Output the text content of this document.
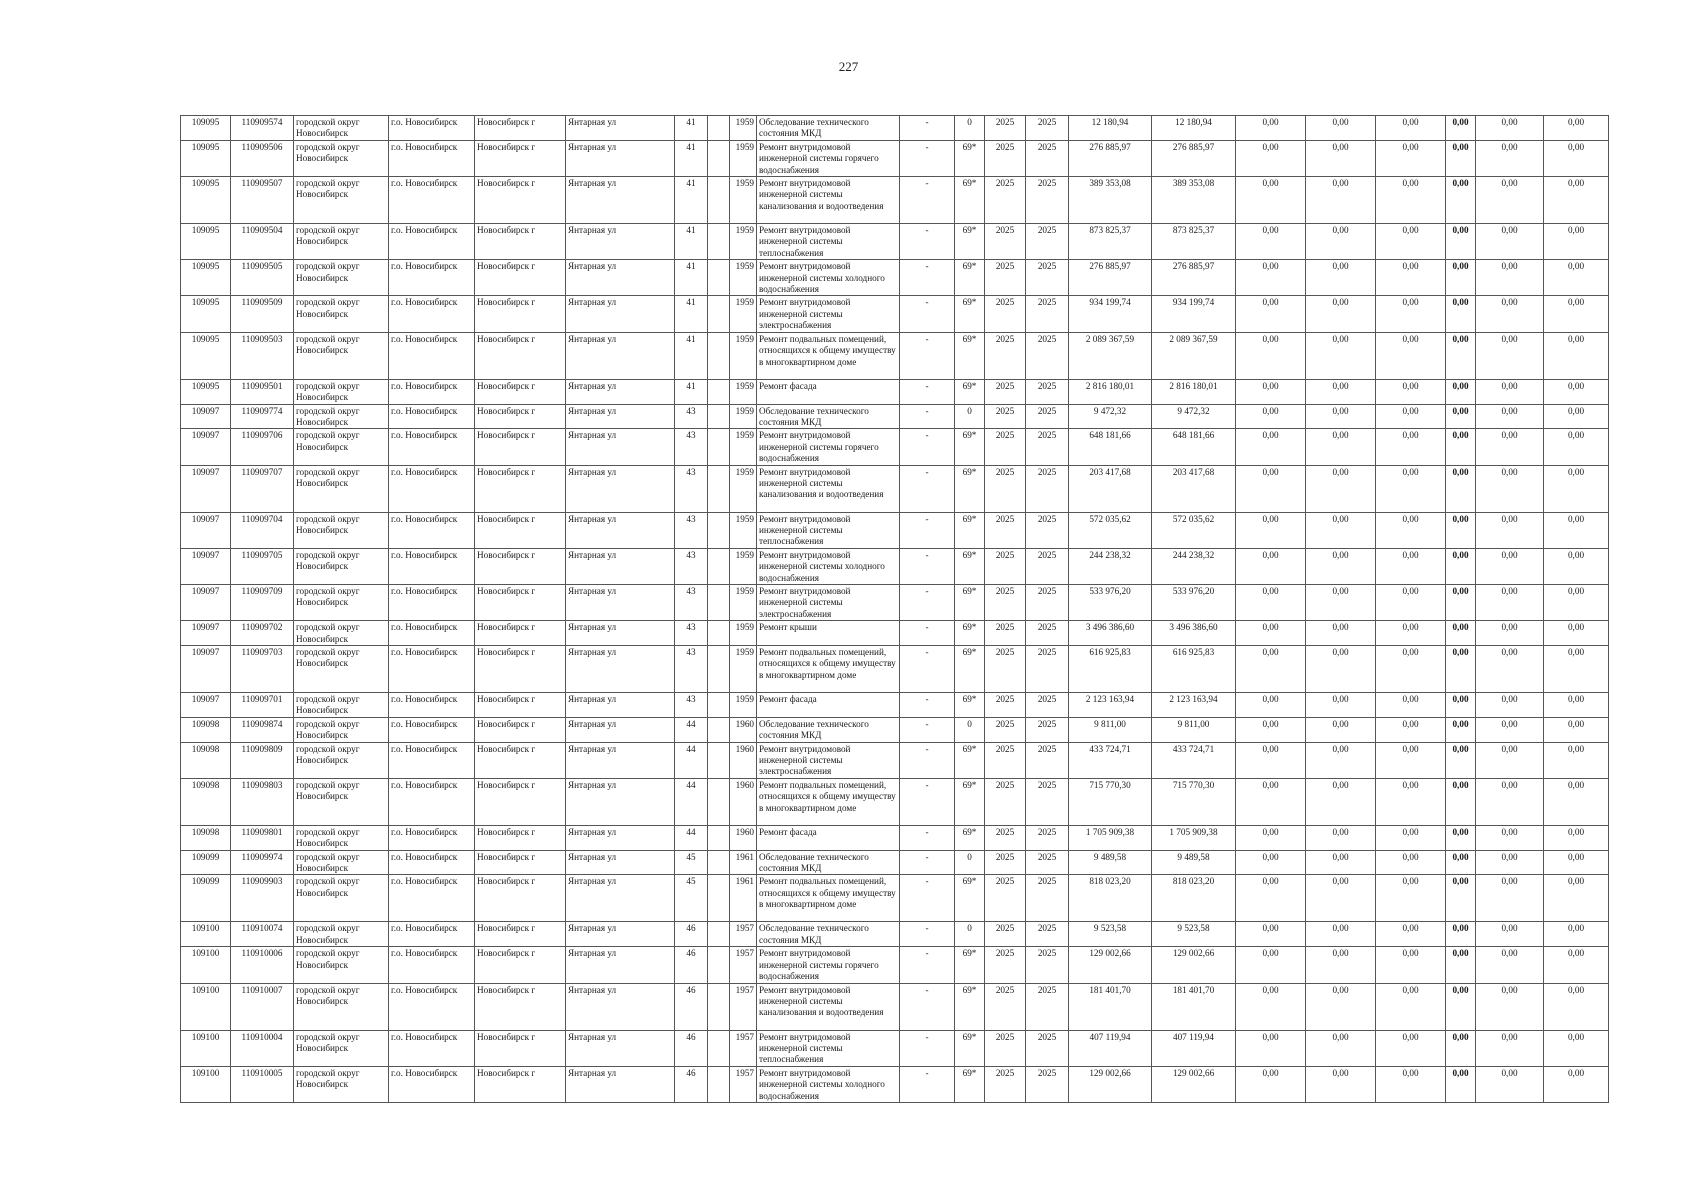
227
109095	110909574	городской округ Новосибирск	г.о. Новосибирск	Новосибирск г	Янтарная ул	41		1959	Обследование технического состояния МКД	-	0	2025	2025	12 180,94	12 180,94	0,00	0,00	0,00	0,00	0,00	0,00
109095	110909506	городской округ Новосибирск	г.о. Новосибирск	Новосибирск г	Янтарная ул	41		1959	Ремонт внутридомовой инженерной системы горячего водоснабжения	-	69*	2025	2025	276 885,97	276 885,97	0,00	0,00	0,00	0,00	0,00	0,00
109095	110909507	городской округ Новосибирск	г.о. Новосибирск	Новосибирск г	Янтарная ул	41		1959	Ремонт внутридомовой инженерной системы канализования и водоотведения	-	69*	2025	2025	389 353,08	389 353,08	0,00	0,00	0,00	0,00	0,00	0,00
109095	110909504	городской округ Новосибирск	г.о. Новосибирск	Новосибирск г	Янтарная ул	41		1959	Ремонт внутридомовой инженерной системы теплоснабжения	-	69*	2025	2025	873 825,37	873 825,37	0,00	0,00	0,00	0,00	0,00	0,00
109095	110909505	городской округ Новосибирск	г.о. Новосибирск	Новосибирск г	Янтарная ул	41		1959	Ремонт внутридомовой инженерной системы холодного водоснабжения	-	69*	2025	2025	276 885,97	276 885,97	0,00	0,00	0,00	0,00	0,00	0,00
109095	110909509	городской округ Новосибирск	г.о. Новосибирск	Новосибирск г	Янтарная ул	41		1959	Ремонт внутридомовой инженерной системы электроснабжения	-	69*	2025	2025	934 199,74	934 199,74	0,00	0,00	0,00	0,00	0,00	0,00
109095	110909503	городской округ Новосибирск	г.о. Новосибирск	Новосибирск г	Янтарная ул	41		1959	Ремонт подвальных помещений, относящихся к общему имуществу в многоквартирном доме	-	69*	2025	2025	2 089 367,59	2 089 367,59	0,00	0,00	0,00	0,00	0,00	0,00
109095	110909501	городской округ Новосибирск	г.о. Новосибирск	Новосибирск г	Янтарная ул	41		1959	Ремонт фасада	-	69*	2025	2025	2 816 180,01	2 816 180,01	0,00	0,00	0,00	0,00	0,00	0,00
109097	110909774	городской округ Новосибирск	г.о. Новосибирск	Новосибирск г	Янтарная ул	43		1959	Обследование технического состояния МКД	-	0	2025	2025	9 472,32	9 472,32	0,00	0,00	0,00	0,00	0,00	0,00
109097	110909706	городской округ Новосибирск	г.о. Новосибирск	Новосибирск г	Янтарная ул	43		1959	Ремонт внутридомовой инженерной системы горячего водоснабжения	-	69*	2025	2025	648 181,66	648 181,66	0,00	0,00	0,00	0,00	0,00	0,00
109097	110909707	городской округ Новосибирск	г.о. Новосибирск	Новосибирск г	Янтарная ул	43		1959	Ремонт внутридомовой инженерной системы канализования и водоотведения	-	69*	2025	2025	203 417,68	203 417,68	0,00	0,00	0,00	0,00	0,00	0,00
109097	110909704	городской округ Новосибирск	г.о. Новосибирск	Новосибирск г	Янтарная ул	43		1959	Ремонт внутридомовой инженерной системы теплоснабжения	-	69*	2025	2025	572 035,62	572 035,62	0,00	0,00	0,00	0,00	0,00	0,00
109097	110909705	городской округ Новосибирск	г.о. Новосибирск	Новосибирск г	Янтарная ул	43		1959	Ремонт внутридомовой инженерной системы холодного водоснабжения	-	69*	2025	2025	244 238,32	244 238,32	0,00	0,00	0,00	0,00	0,00	0,00
109097	110909709	городской округ Новосибирск	г.о. Новосибирск	Новосибирск г	Янтарная ул	43		1959	Ремонт внутридомовой инженерной системы электроснабжения	-	69*	2025	2025	533 976,20	533 976,20	0,00	0,00	0,00	0,00	0,00	0,00
109097	110909702	городской округ Новосибирск	г.о. Новосибирск	Новосибирск г	Янтарная ул	43		1959	Ремонт крыши	-	69*	2025	2025	3 496 386,60	3 496 386,60	0,00	0,00	0,00	0,00	0,00	0,00
109097	110909703	городской округ Новосибирск	г.о. Новосибирск	Новосибирск г	Янтарная ул	43		1959	Ремонт подвальных помещений, относящихся к общему имуществу в многоквартирном доме	-	69*	2025	2025	616 925,83	616 925,83	0,00	0,00	0,00	0,00	0,00	0,00
109097	110909701	городской округ Новосибирск	г.о. Новосибирск	Новосибирск г	Янтарная ул	43		1959	Ремонт фасада	-	69*	2025	2025	2 123 163,94	2 123 163,94	0,00	0,00	0,00	0,00	0,00	0,00
109098	110909874	городской округ Новосибирск	г.о. Новосибирск	Новосибирск г	Янтарная ул	44		1960	Обследование технического состояния МКД	-	0	2025	2025	9 811,00	9 811,00	0,00	0,00	0,00	0,00	0,00	0,00
109098	110909809	городской округ Новосибирск	г.о. Новосибирск	Новосибирск г	Янтарная ул	44		1960	Ремонт внутридомовой инженерной системы электроснабжения	-	69*	2025	2025	433 724,71	433 724,71	0,00	0,00	0,00	0,00	0,00	0,00
109098	110909803	городской округ Новосибирск	г.о. Новосибирск	Новосибирск г	Янтарная ул	44		1960	Ремонт подвальных помещений, относящихся к общему имуществу в многоквартирном доме	-	69*	2025	2025	715 770,30	715 770,30	0,00	0,00	0,00	0,00	0,00	0,00
109098	110909801	городской округ Новосибирск	г.о. Новосибирск	Новосибирск г	Янтарная ул	44		1960	Ремонт фасада	-	69*	2025	2025	1 705 909,38	1 705 909,38	0,00	0,00	0,00	0,00	0,00	0,00
109099	110909974	городской округ Новосибирск	г.о. Новосибирск	Новосибирск г	Янтарная ул	45		1961	Обследование технического состояния МКД	-	0	2025	2025	9 489,58	9 489,58	0,00	0,00	0,00	0,00	0,00	0,00
109099	110909903	городской округ Новосибирск	г.о. Новосибирск	Новосибирск г	Янтарная ул	45		1961	Ремонт подвальных помещений, относящихся к общему имуществу в многоквартирном доме	-	69*	2025	2025	818 023,20	818 023,20	0,00	0,00	0,00	0,00	0,00	0,00
109100	110910074	городской округ Новосибирск	г.о. Новосибирск	Новосибирск г	Янтарная ул	46		1957	Обследование технического состояния МКД	-	0	2025	2025	9 523,58	9 523,58	0,00	0,00	0,00	0,00	0,00	0,00
109100	110910006	городской округ Новосибирск	г.о. Новосибирск	Новосибирск г	Янтарная ул	46		1957	Ремонт внутридомовой инженерной системы горячего водоснабжения	-	69*	2025	2025	129 002,66	129 002,66	0,00	0,00	0,00	0,00	0,00	0,00
109100	110910007	городской округ Новосибирск	г.о. Новосибирск	Новосибирск г	Янтарная ул	46		1957	Ремонт внутридомовой инженерной системы канализования и водоотведения	-	69*	2025	2025	181 401,70	181 401,70	0,00	0,00	0,00	0,00	0,00	0,00
109100	110910004	городской округ Новосибирск	г.о. Новосибирск	Новосибирск г	Янтарная ул	46		1957	Ремонт внутридомовой инженерной системы теплоснабжения	-	69*	2025	2025	407 119,94	407 119,94	0,00	0,00	0,00	0,00	0,00	0,00
109100	110910005	городской округ Новосибирск	г.о. Новосибирск	Новосибирск г	Янтарная ул	46		1957	Ремонт внутридомовой инженерной системы холодного водоснабжения	-	69*	2025	2025	129 002,66	129 002,66	0,00	0,00	0,00	0,00	0,00	0,00
